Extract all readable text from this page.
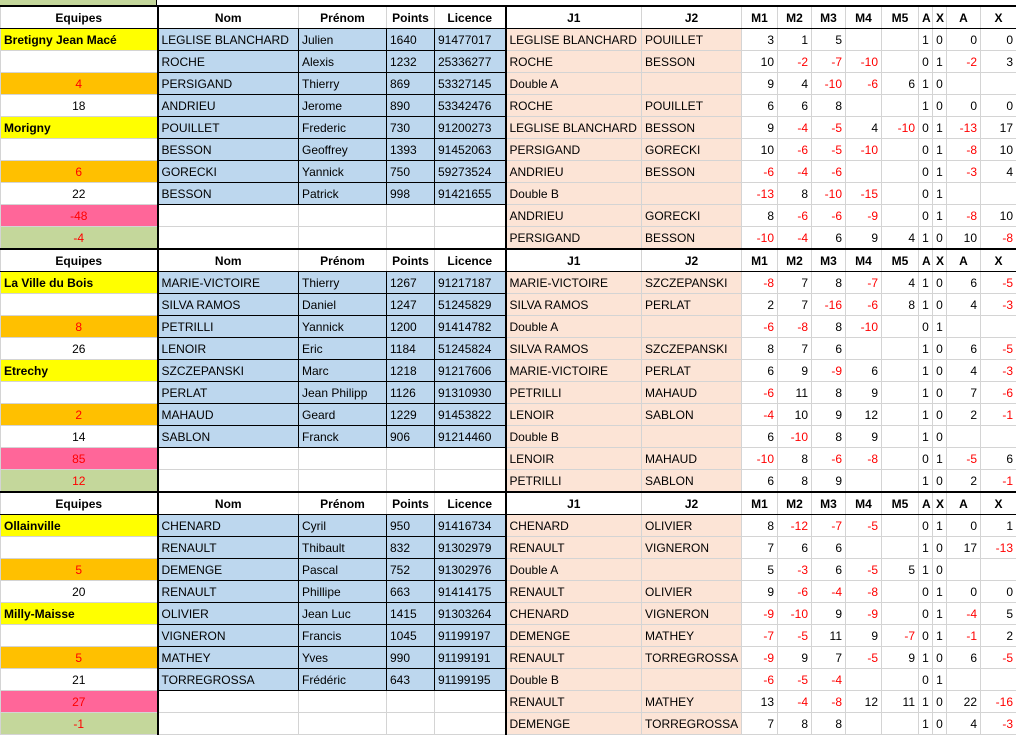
Equipes	Nom	Prénom	Points	Licence	J1	J2	M1	M2	M3	M4	M5	A	X	A	X
Bretigny Jean Macé	LEGLISE BLANCHARD	Julien	1640	91477017	LEGLISE BLANCHARD	POUILLET	3	1	5			1	0	0	0
	ROCHE	Alexis	1232	25336277	ROCHE	BESSON	10	-2	-7	-10		0	1	-2	3
4	PERSIGAND	Thierry	869	53327145	Double A		9	4	-10	-6	6	1	0		
18	ANDRIEU	Jerome	890	53342476	ROCHE	POUILLET	6	6	8			1	0	0	0
Morigny	POUILLET	Frederic	730	91200273	LEGLISE BLANCHARD	BESSON	9	-4	-5	4	-10	0	1	-13	17
	BESSON	Geoffrey	1393	91452063	PERSIGAND	GORECKI	10	-6	-5	-10		0	1	-8	10
6	GORECKI	Yannick	750	59273524	ANDRIEU	BESSON	-6	-4	-6			0	1	-3	4
22	BESSON	Patrick	998	91421655	Double B		-13	8	-10	-15		0	1		
-48					ANDRIEU	GORECKI	8	-6	-6	-9		0	1	-8	10
-4					PERSIGAND	BESSON	-10	-4	6	9	4	1	0	10	-8
Equipes	Nom	Prénom	Points	Licence	J1	J2	M1	M2	M3	M4	M5	A	X	A	X
La Ville du Bois	MARIE-VICTOIRE	Thierry	1267	91217187	MARIE-VICTOIRE	SZCZEPANSKI	-8	7	8	-7	4	1	0	6	-5
	SILVA RAMOS	Daniel	1247	51245829	SILVA RAMOS	PERLAT	2	7	-16	-6	8	1	0	4	-3
8	PETRILLI	Yannick	1200	91414782	Double A		-6	-8	8	-10		0	1		
26	LENOIR	Eric	1184	51245824	SILVA RAMOS	SZCZEPANSKI	8	7	6			1	0	6	-5
Etrechy	SZCZEPANSKI	Marc	1218	91217606	MARIE-VICTOIRE	PERLAT	6	9	-9	6		1	0	4	-3
	PERLAT	Jean Philipp	1126	91310930	PETRILLI	MAHAUD	-6	11	8	9		1	0	7	-6
2	MAHAUD	Geard	1229	91453822	LENOIR	SABLON	-4	10	9	12		1	0	2	-1
14	SABLON	Franck	906	91214460	Double B		6	-10	8	9		1	0		
85					LENOIR	MAHAUD	-10	8	-6	-8		0	1	-5	6
12					PETRILLI	SABLON	6	8	9			1	0	2	-1
Equipes	Nom	Prénom	Points	Licence	J1	J2	M1	M2	M3	M4	M5	A	X	A	X
Ollainville	CHENARD	Cyril	950	91416734	CHENARD	OLIVIER	8	-12	-7	-5		0	1	0	1
	RENAULT	Thibault	832	91302979	RENAULT	VIGNERON	7	6	6			1	0	17	-13
5	DEMENGE	Pascal	752	91302976	Double A		5	-3	6	-5	5	1	0		
20	RENAULT	Phillipe	663	91414175	RENAULT	OLIVIER	9	-6	-4	-8		0	1	0	0
Milly-Maisse	OLIVIER	Jean Luc	1415	91303264	CHENARD	VIGNERON	-9	-10	9	-9		0	1	-4	5
	VIGNERON	Francis	1045	91199197	DEMENGE	MATHEY	-7	-5	11	9	-7	0	1	-1	2
5	MATHEY	Yves	990	91199191	RENAULT	TORREGROSSA	-9	9	7	-5	9	1	0	6	-5
21	TORREGROSSA	Frédéric	643	91199195	Double B		-6	-5	-4			0	1		
27					RENAULT	MATHEY	13	-4	-8	12	11	1	0	22	-16
-1					DEMENGE	TORREGROSSA	7	8	8			1	0	4	-3
